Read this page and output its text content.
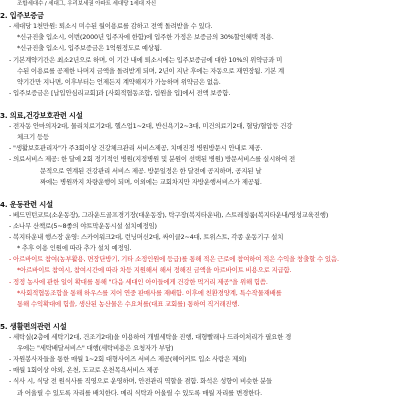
조합세대수 / 세대그, 우리보세권 아파트 세대당 1세대 자신
2. 입주보증금
- 세대당 1천만원: 퇴소시 미수된 월이용료를 감하고 전액 돌려받을 수 있다.
*신규진출 입소시, 이번(2000년 입주자에 한함)에 입주한 가정은 보증금의 30%할인혜택 적용.
*신규진출 입소시, 입주보증금은 1억원정도로 예상됨.
- 기본계약기간은 최소2년으로 하며, 이 기간 내에 퇴소시에는 입주보증금에 대한 10%의 위약금과 미
수된 이용료를 공제한 나머지 금액을 돌려받게 되며, 2년이 지난 후에는 자동으로 재연장됨. 기본 계
약기간만 지나면, 이후부터는 언제든지 계약해지가 가능하며 위약금은 없음.
- 입주보증금은 [납입안심리교회]과 [사회적협동조합, 입원을 입]에서 전액 보증함.
3. 의료,건강보호관련 시설
- 전자동 안마의자2대, 물리치료기2대, 헬스업1~2대, 반신욕기2~3대, 미건의료기2대, 혈당/혈압등 건강
체크기 등등
- "생활보호관리자"가 주3회이상 건강체크관리 서비스제공, 치매진정 병원방문시 안내로 제공.
- 의료서비스 제공: 한 달에 2회 정기적인 병원(지정병원 및 분원이 선택된 병원) 방문서비스를 실시하여 전
문적으로 연계된 건강관리 서비스 제공. 방문일정은 한 달전에 공지하며, 공지된 날
짜에는 병원까지 차량운행이 되며, 이외에는 교회차지만 자방운행서비스가 제공됨.
4. 운동관련 시설
- 베드민턴코트(소운동장), 그라운드골프경기장(대운동장), 탁구장(복지타운내), 스트레칭룸(복지타운내/영성교육진행)
- 소나무 산책로(5~8좋의 야트막운동시설 설치예정임)
- 복지타운내 행스장 운영: 스카이워크2대, 런닝머신2대, 싸이클2~4대, 트위스트, 각종 운동기구 설치
* 추후 이용 인원에 따라 추가 설치 예정임.
- 아르바이트 참여(농부활용, 면장단방기, 기타 소정인원에 등급)를 통해 적은 근로에 참여하여 적은 수익을 창출할 수 있음.
*아르바이트 참여시, 참여시간에 따라 차등 지원해서 해서 정해진 금액을 아르바이트 비용으로 지급함.
- 정정 농사에 관한 일이 확대를 통해 "다음 세대인 아이들에게 건강한 먹거리 제공"을 위해 힘씀.
*사회적협동조합을 통해 하우스를 지어 연중 판매사를 재배함. 이후에 친환경양계, 특수작물재배를
통해 수익확대에 힘쓸, 생산된 농산물은 수요처를(대표 교회를) 통하여 직거래진행.
5. 생활편의관련 시설
- 세탁실(2층에 세탁기2대, 건조기2대)을 이용하여 개별세탁을 진행, 대형빨래나 드라이처리가 필요한 경
우에는 "세탁배달서비스" 대행(세탁비용은 요청자가 부담)
- 자원봉사자들을 통한 매월 1~2회 대형사이즈 서비스 제공(헤어커트 입소 사람은 제외)
- 매월 1회이상 야외, 온천, 도교로 온천목욕서비스 제공
- 식사 시, 식당 전 원식사를 직영으로 운영하며, 안전관리 역할을 겸함. 화석은 성향이 비슷한 분들
과 어울릴 수 있도록 자리를 배치한다. 메리 식탁과 어울릴 수 있도록 매월 자리를 변경한다.
